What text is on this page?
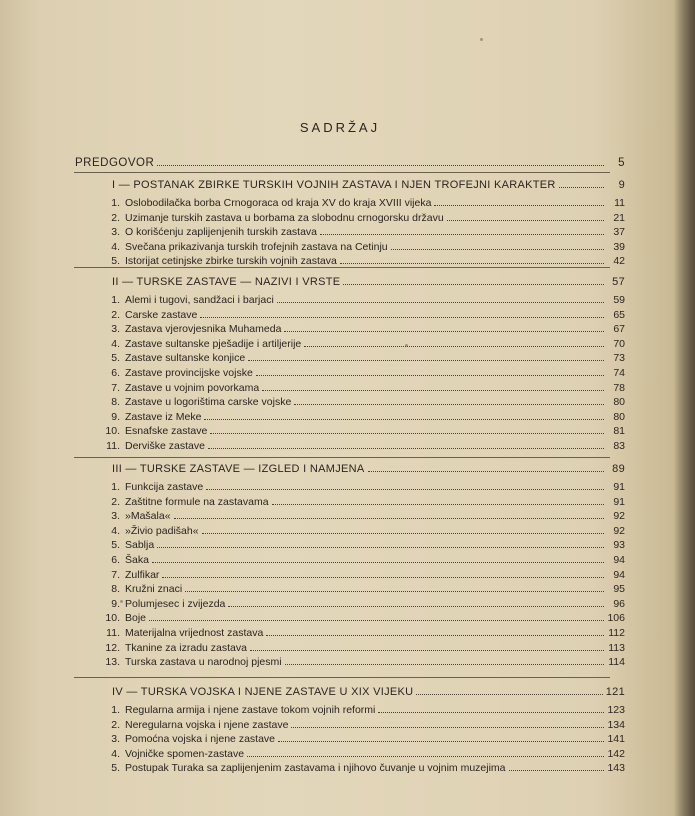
SADRŽAJ
PREDGOVOR	5
I — POSTANAK ZBIRKE TURSKIH VOJNIH ZASTAVA I NJEN TROFEJNI KARAKTER	9
1. Oslobodilačka borba Crnogoraca od kraja XV do kraja XVIII vijeka	11
2. Uzimanje turskih zastava u borbama za slobodnu crnogorsku državu	21
3. O korišćenju zaplijenjenih turskih zastava	37
4. Svečana prikazivanja turskih trofejnih zastava na Cetinju	39
5. Istorijat cetinjske zbirke turskih vojnih zastava	42
II — TURSKE ZASTAVE — NAZIVI I VRSTE	57
1. Alemi i tugovi, sandžaci i barjaci	59
2. Carske zastave	65
3. Zastava vjerovjesnika Muhameda	67
4. Zastave sultanske pješadije i artiljerije	70
5. Zastave sultanske konjice	73
6. Zastave provincijske vojske	74
7. Zastave u vojnim povorkama	78
8. Zastave u logorištima carske vojske	80
9. Zastave iz Meke	80
10. Esnafske zastave	81
11. Derviške zastave	83
III — TURSKE ZASTAVE — IZGLED I NAMJENA	89
1. Funkcija zastave	91
2. Zaštitne formule na zastavama	91
3. »Mašala«	92
4. »Živio padišah«	92
5. Sablja	93
6. Šaka	94
7. Zulfikar	94
8. Kružni znaci	95
9. Polumjesec i zvijezda	96
10. Boje	106
11. Materijalna vrijednost zastava	112
12. Tkanine za izradu zastava	113
13. Turska zastava u narodnoj pjesmi	114
IV — TURSKA VOJSKA I NJENE ZASTAVE U XIX VIJEKU	121
1. Regularna armija i njene zastave tokom vojnih reformi	123
2. Neregularna vojska i njene zastave	134
3. Pomoćna vojska i njene zastave	141
4. Vojničke spomen-zastave	142
5. Postupak Turaka sa zaplijenjenim zastavama i njihovo čuvanje u vojnim muzejima	143
